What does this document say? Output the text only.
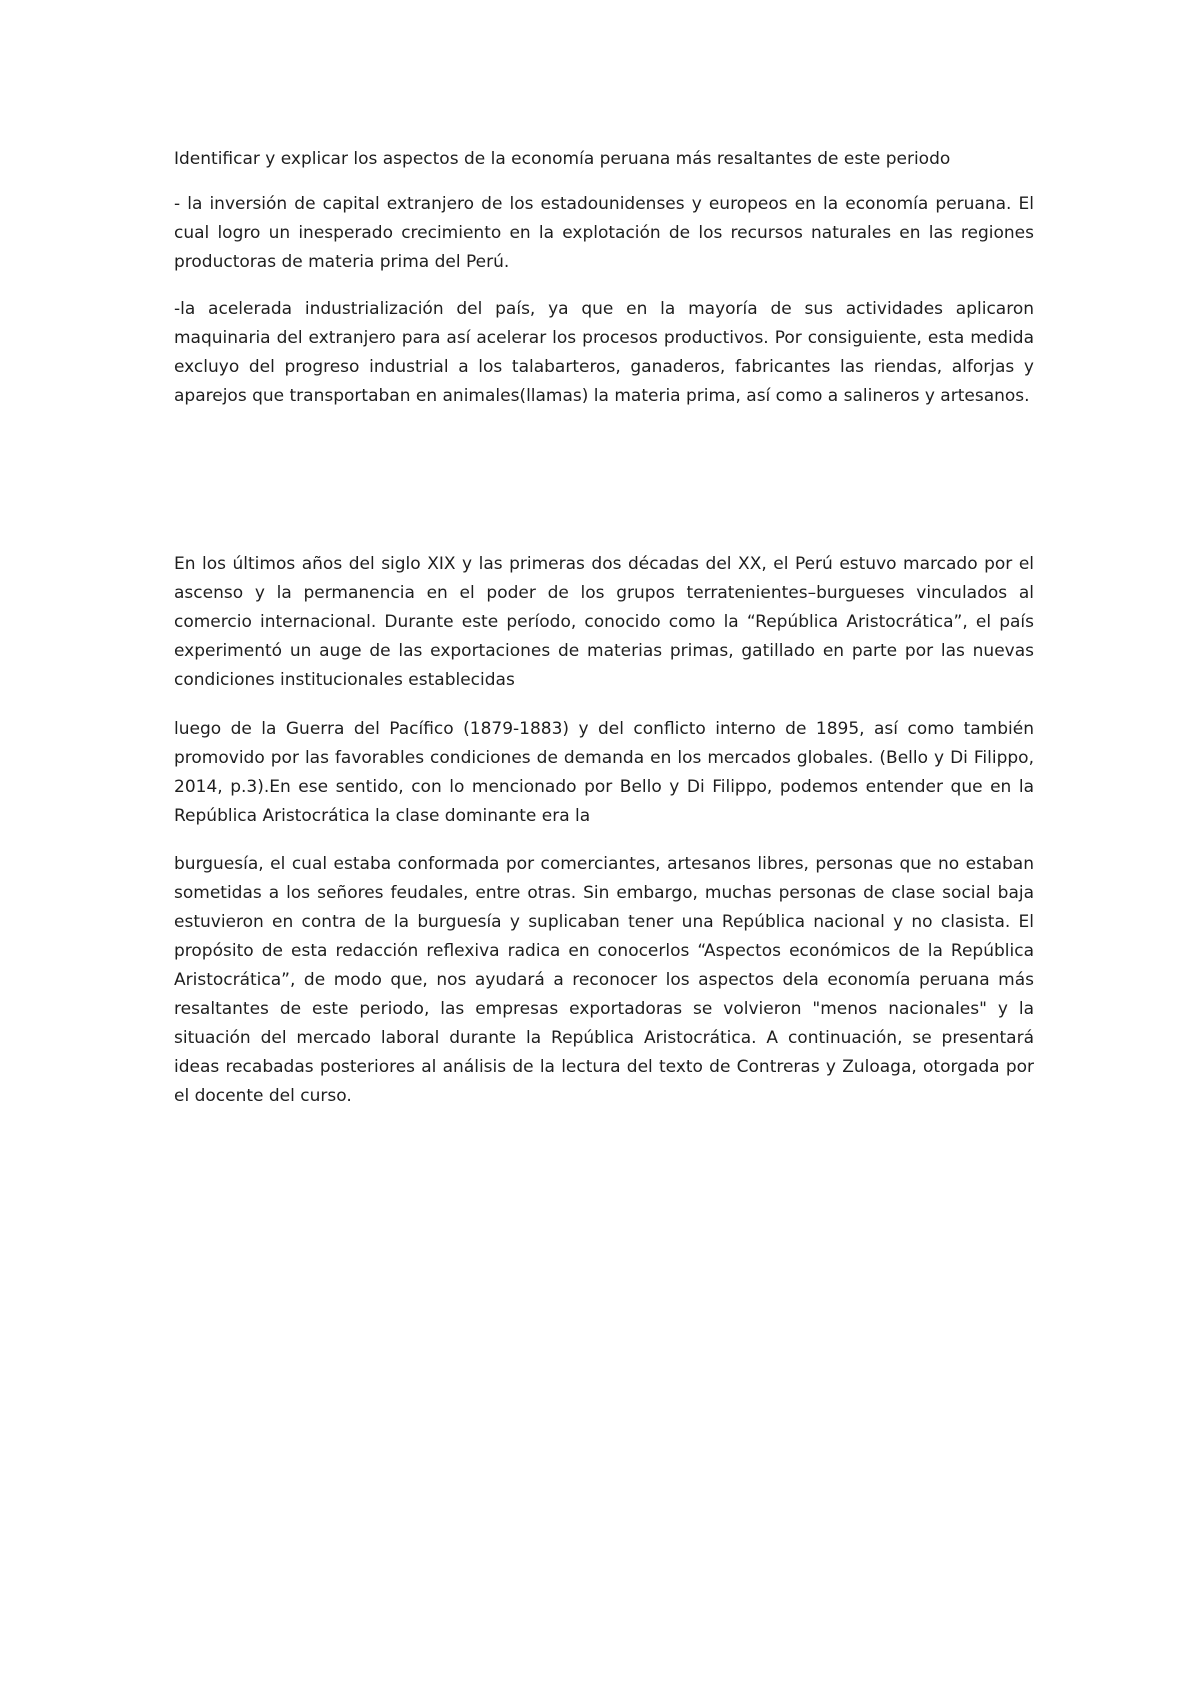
Identificar y explicar los aspectos de la economía peruana más resaltantes de este periodo

- la inversión de capital extranjero de los estadounidenses y europeos en la economía peruana. El cual logro un inesperado crecimiento en la explotación de los recursos naturales en las regiones productoras de materia prima del Perú.

-la acelerada industrialización del país, ya que en la mayoría de sus actividades aplicaron maquinaria del extranjero para así acelerar los procesos productivos. Por consiguiente, esta medida excluyo del progreso industrial a los talabarteros, ganaderos, fabricantes las riendas, alforjas y aparejos que transportaban en animales(llamas) la materia prima, así como a salineros y artesanos.

En los últimos años del siglo XIX y las primeras dos décadas del XX, el Perú estuvo marcado por el ascenso y la permanencia en el poder de los grupos terratenientes–burgueses vinculados al comercio internacional. Durante este período, conocido como la “República Aristocrática”, el país experimentó un auge de las exportaciones de materias primas, gatillado en parte por las nuevas condiciones institucionales establecidas

luego de la Guerra del Pacífico (1879-1883) y del conflicto interno de 1895, así como también promovido por las favorables condiciones de demanda en los mercados globales. (Bello y Di Filippo, 2014, p.3).En ese sentido, con lo mencionado por Bello y Di Filippo, podemos entender que en la República Aristocrática la clase dominante era la

burguesía, el cual estaba conformada por comerciantes, artesanos libres, personas que no estaban sometidas a los señores feudales, entre otras. Sin embargo, muchas personas de clase social baja estuvieron en contra de la burguesía y suplicaban tener una República nacional y no clasista. El propósito de esta redacción reflexiva radica en conocerlos “Aspectos económicos de la República Aristocrática”, de modo que, nos ayudará a reconocer los aspectos dela economía peruana más resaltantes de este periodo, las empresas exportadoras se volvieron "menos nacionales" y la situación del mercado laboral durante la República Aristocrática. A continuación, se presentará ideas recabadas posteriores al análisis de la lectura del texto de Contreras y Zuloaga, otorgada por el docente del curso.
